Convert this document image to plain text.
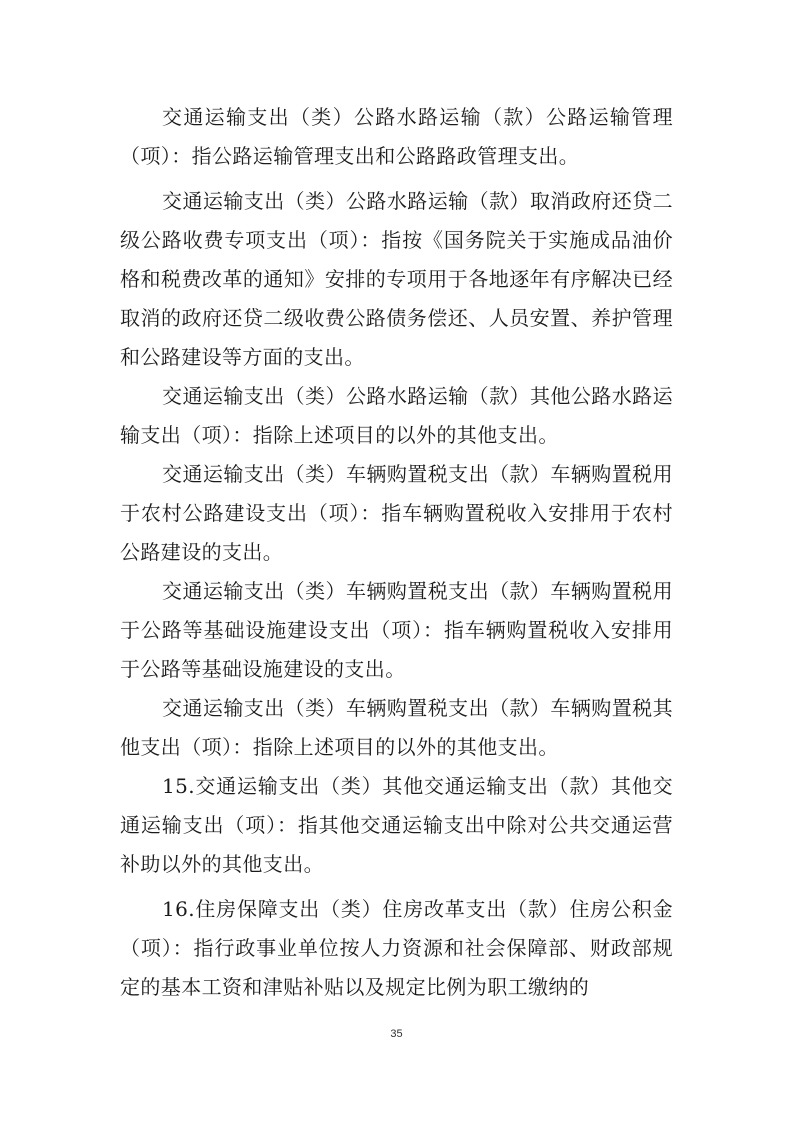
交通运输支出（类）公路水路运输（款）公路运输管理（项）：指公路运输管理支出和公路路政管理支出。

交通运输支出（类）公路水路运输（款）取消政府还贷二级公路收费专项支出（项）：指按《国务院关于实施成品油价格和税费改革的通知》安排的专项用于各地逐年有序解决已经取消的政府还贷二级收费公路债务偿还、人员安置、养护管理和公路建设等方面的支出。

交通运输支出（类）公路水路运输（款）其他公路水路运输支出（项）：指除上述项目的以外的其他支出。

交通运输支出（类）车辆购置税支出（款）车辆购置税用于农村公路建设支出（项）：指车辆购置税收入安排用于农村公路建设的支出。

交通运输支出（类）车辆购置税支出（款）车辆购置税用于公路等基础设施建设支出（项）：指车辆购置税收入安排用于公路等基础设施建设的支出。

交通运输支出（类）车辆购置税支出（款）车辆购置税其他支出（项）：指除上述项目的以外的其他支出。

15.交通运输支出（类）其他交通运输支出（款）其他交通运输支出（项）：指其他交通运输支出中除对公共交通运营补助以外的其他支出。

16.住房保障支出（类）住房改革支出（款）住房公积金（项）：指行政事业单位按人力资源和社会保障部、财政部规定的基本工资和津贴补贴以及规定比例为职工缴纳的

35
